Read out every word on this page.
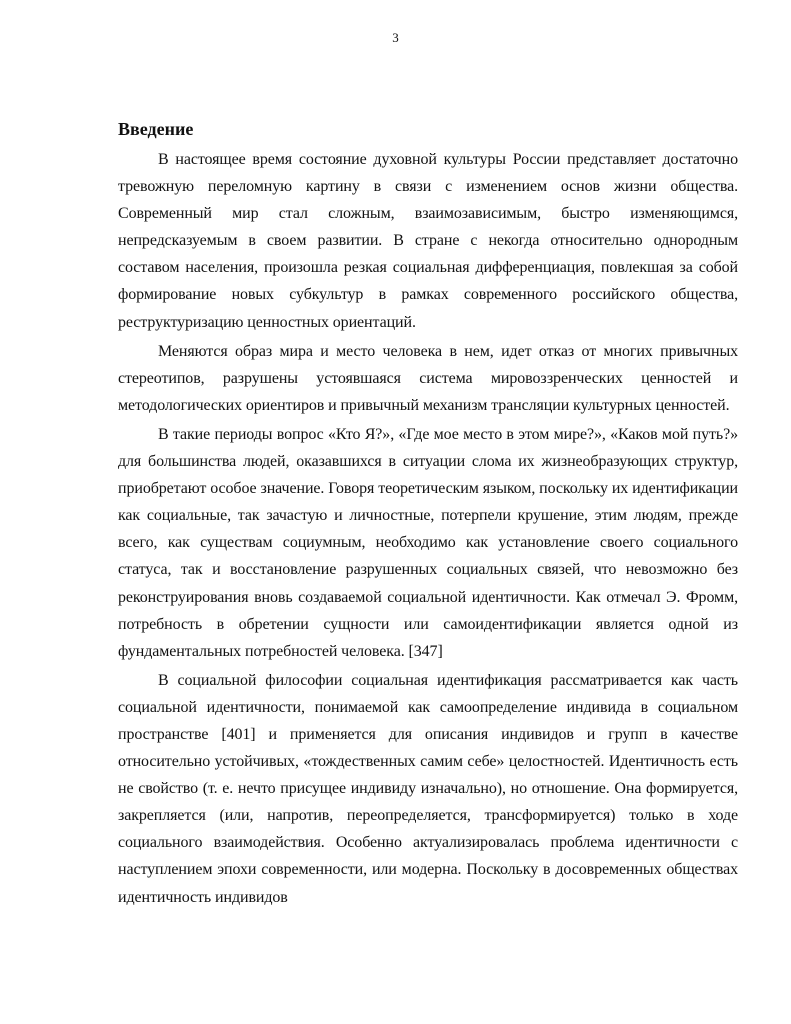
3
Введение

В настоящее время состояние духовной культуры России представляет достаточно тревожную переломную картину в связи с изменением основ жизни общества. Современный мир стал сложным, взаимозависимым, быстро изменяющимся, непредсказуемым в своем развитии. В стране с некогда относительно однородным составом населения, произошла резкая социальная дифференциация, повлекшая за собой формирование новых субкультур в рамках современного российского общества, реструктуризацию ценностных ориентаций.

Меняются образ мира и место человека в нем, идет отказ от многих привычных стереотипов, разрушены устоявшаяся система мировоззренческих ценностей и методологических ориентиров и привычный механизм трансляции культурных ценностей.

В такие периоды вопрос «Кто Я?», «Где мое место в этом мире?», «Каков мой путь?» для большинства людей, оказавшихся в ситуации слома их жизнеобразующих структур, приобретают особое значение. Говоря теоретическим языком, поскольку их идентификации как социальные, так зачастую и личностные, потерпели крушение, этим людям, прежде всего, как существам социумным, необходимо как установление своего социального статуса, так и восстановление разрушенных социальных связей, что невозможно без реконструирования вновь создаваемой социальной идентичности. Как отмечал Э. Фромм, потребность в обретении сущности или самоидентификации является одной из фундаментальных потребностей человека. [347]

В социальной философии социальная идентификация рассматривается как часть социальной идентичности, понимаемой как самоопределение индивида в социальном пространстве [401] и применяется для описания индивидов и групп в качестве относительно устойчивых, «тождественных самим себе» целостностей. Идентичность есть не свойство (т. е. нечто присущее индивиду изначально), но отношение. Она формируется, закрепляется (или, напротив, переопределяется, трансформируется) только в ходе социального взаимодействия. Особенно актуализировалась проблема идентичности с наступлением эпохи современности, или модерна. Поскольку в досовременных обществах идентичность индивидов
